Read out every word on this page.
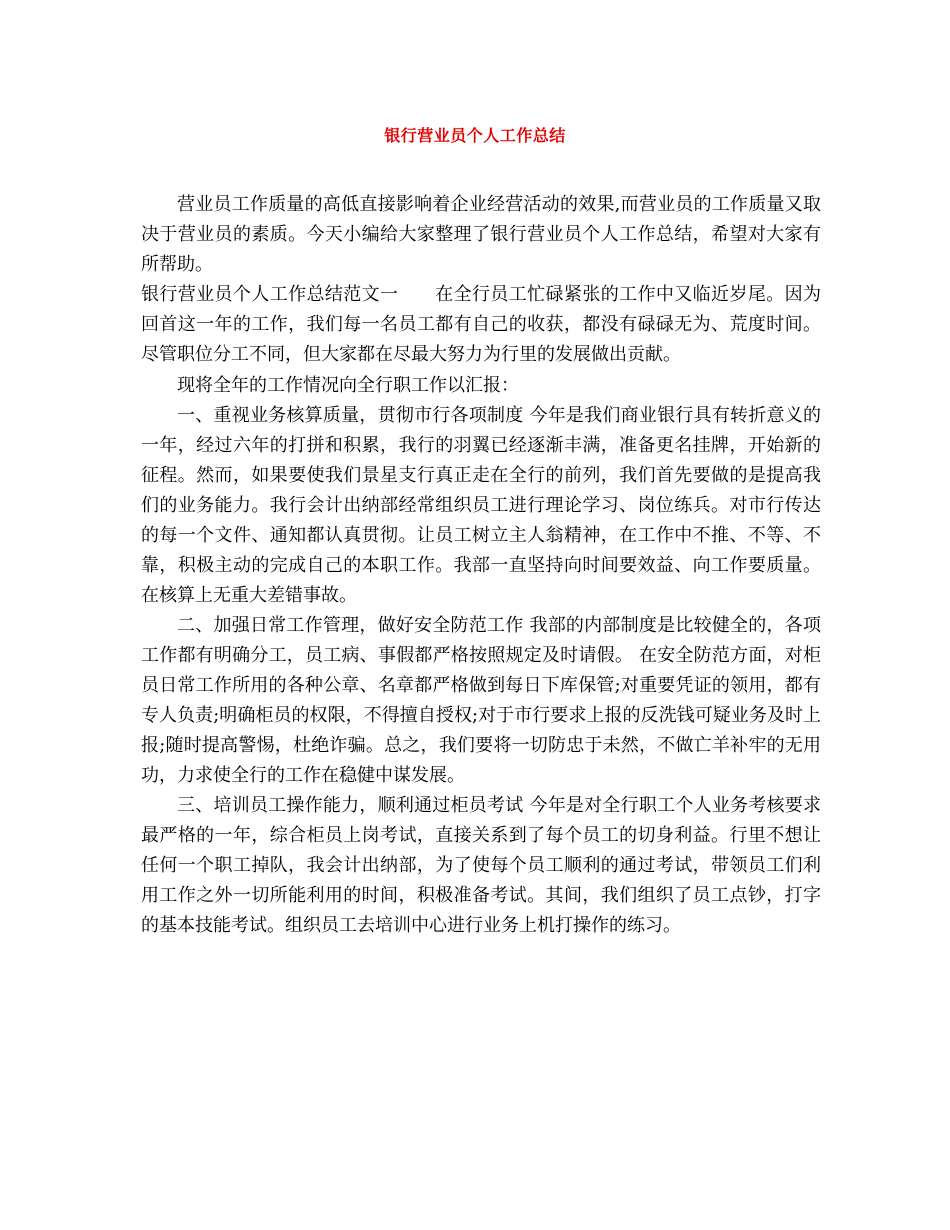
银行营业员个人工作总结

营业员工作质量的高低直接影响着企业经营活动的效果,而营业员的工作质量又取决于营业员的素质。今天小编给大家整理了银行营业员个人工作总结，希望对大家有所帮助。

银行营业员个人工作总结范文一　　在全行员工忙碌紧张的工作中又临近岁尾。因为回首这一年的工作，我们每一名员工都有自己的收获，都没有碌碌无为、荒度时间。尽管职位分工不同，但大家都在尽最大努力为行里的发展做出贡献。

现将全年的工作情况向全行职工作以汇报：

一、重视业务核算质量，贯彻市行各项制度 今年是我们商业银行具有转折意义的一年，经过六年的打拼和积累，我行的羽翼已经逐渐丰满，准备更名挂牌，开始新的征程。然而，如果要使我们景星支行真正走在全行的前列，我们首先要做的是提高我们的业务能力。我行会计出纳部经常组织员工进行理论学习、岗位练兵。对市行传达的每一个文件、通知都认真贯彻。让员工树立主人翁精神，在工作中不推、不等、不靠，积极主动的完成自己的本职工作。我部一直坚持向时间要效益、向工作要质量。在核算上无重大差错事故。

二、加强日常工作管理，做好安全防范工作 我部的内部制度是比较健全的，各项工作都有明确分工，员工病、事假都严格按照规定及时请假。 在安全防范方面，对柜员日常工作所用的各种公章、名章都严格做到每日下库保管;对重要凭证的领用，都有专人负责;明确柜员的权限，不得擅自授权;对于市行要求上报的反洗钱可疑业务及时上报;随时提高警惕，杜绝诈骗。总之，我们要将一切防忠于未然，不做亡羊补牢的无用功，力求使全行的工作在稳健中谋发展。

三、培训员工操作能力，顺利通过柜员考试 今年是对全行职工个人业务考核要求最严格的一年，综合柜员上岗考试，直接关系到了每个员工的切身利益。行里不想让任何一个职工掉队，我会计出纳部，为了使每个员工顺利的通过考试，带领员工们利用工作之外一切所能利用的时间，积极准备考试。其间，我们组织了员工点钞，打字的基本技能考试。组织员工去培训中心进行业务上机打操作的练习。
